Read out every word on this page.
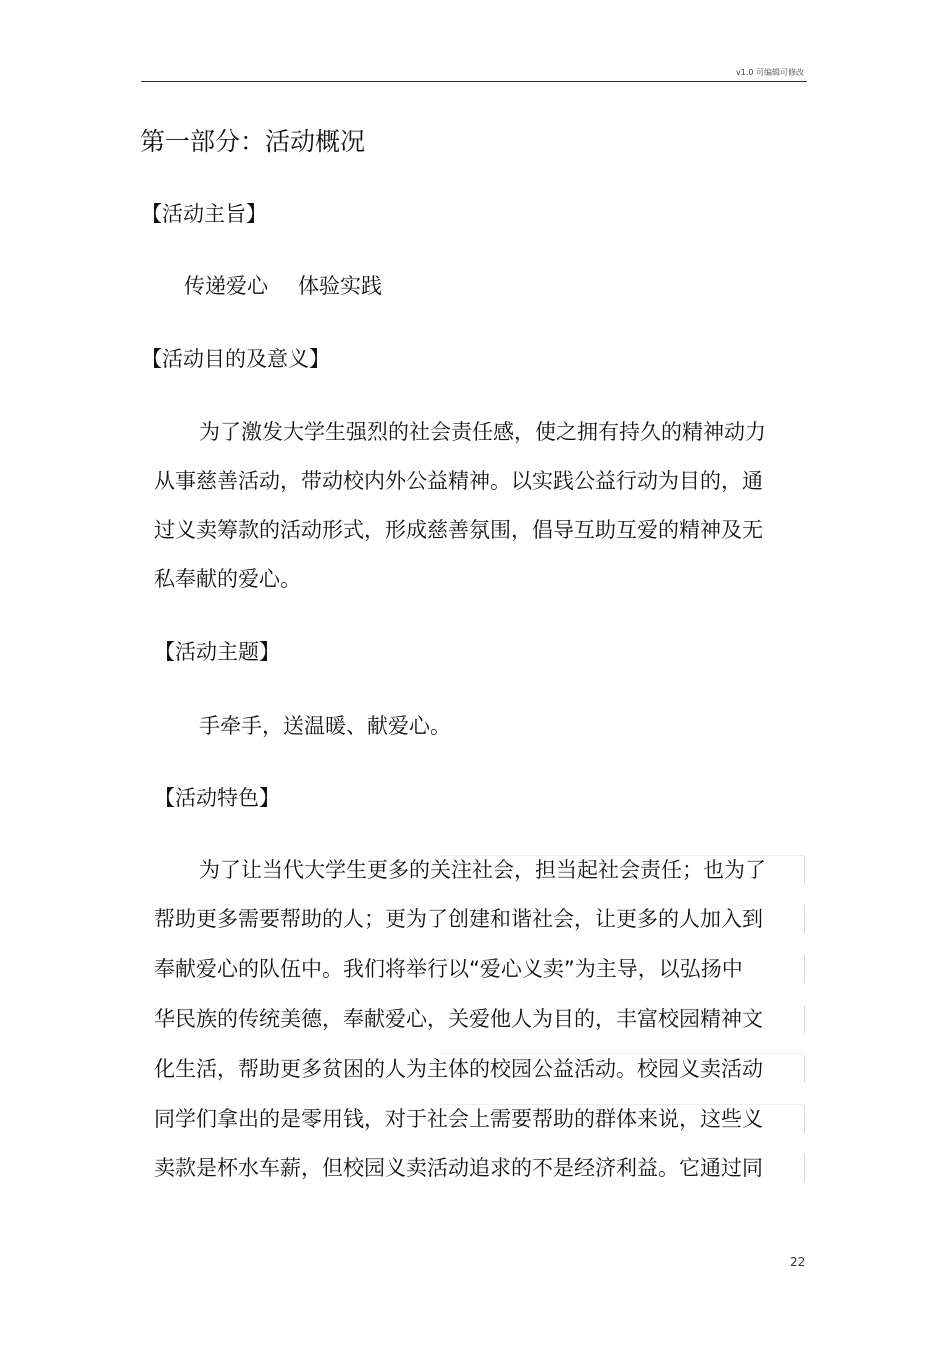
v1.0 可编辑可修改
第一部分：活动概况
【活动主旨】
传递爱心 体验实践
【活动目的及意义】
为了激发大学生强烈的社会责任感，使之拥有持久的精神动力
从事慈善活动，带动校内外公益精神。以实践公益行动为目的，通
过义卖筹款的活动形式，形成慈善氛围，倡导互助互爱的精神及无
私奉献的爱心。
【活动主题】
手牵手，送温暖、献爱心。
【活动特色】
为了让当代大学生更多的关注社会，担当起社会责任；也为了
帮助更多需要帮助的人；更为了创建和谐社会，让更多的人加入到
奉献爱心的队伍中。我们将举行以“爱心义卖”为主导，以弘扬中
华民族的传统美德，奉献爱心，关爱他人为目的，丰富校园精神文
化生活，帮助更多贫困的人为主体的校园公益活动。校园义卖活动
同学们拿出的是零用钱，对于社会上需要帮助的群体来说，这些义
卖款是杯水车薪，但校园义卖活动追求的不是经济利益。它通过同
22
